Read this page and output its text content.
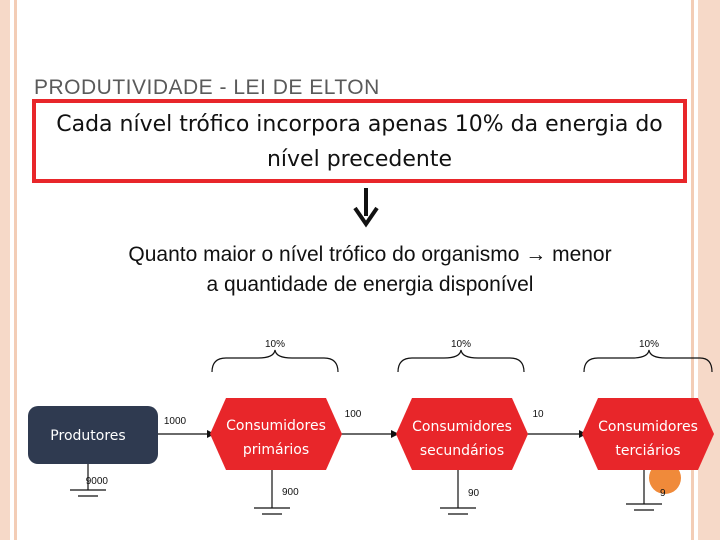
PRODUTIVIDADE - LEI DE ELTON
Cada nível trófico incorpora apenas 10% da energia do
nível precedente
Quanto maior o nível trófico do organismo → menor
a quantidade de energia disponível
10%	10%	10%
1000
100	10
Produtores
Consumidores
primários
Consumidores
secundários
Consumidores
terciários
9000
900	90	9
